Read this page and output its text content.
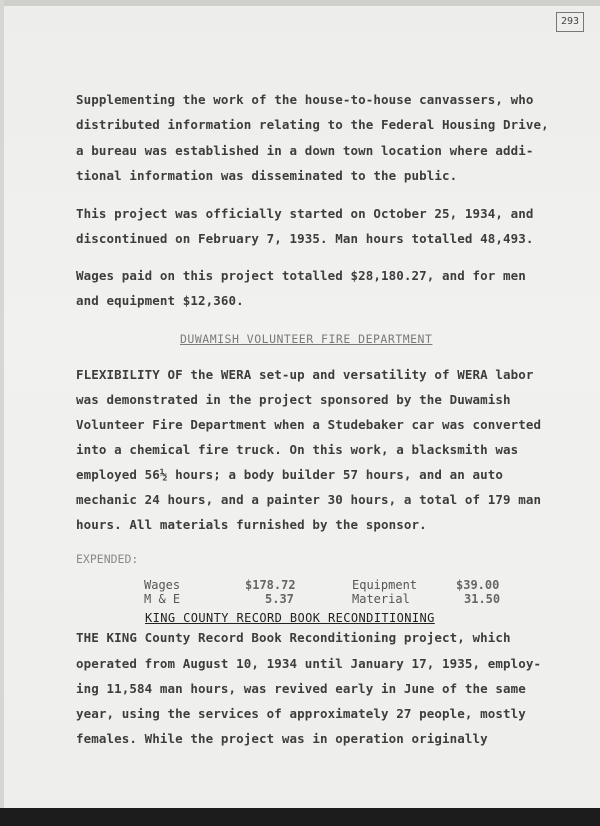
293
Supplementing the work of the house-to-house canvassers, who
distributed information relating to the Federal Housing Drive,
a bureau was established in a down town location where addi-
tional information was disseminated to the public.
This project was officially started on October 25, 1934, and
discontinued on February 7, 1935. Man hours totalled 48,493.
Wages paid on this project totalled $28,180.27, and for men
and equipment $12,360.
DUWAMISH VOLUNTEER FIRE DEPARTMENT
FLEXIBILITY OF the WERA set-up and versatility of WERA labor
was demonstrated in the project sponsored by the Duwamish
Volunteer Fire Department when a Studebaker car was converted
into a chemical fire truck. On this work, a blacksmith was
employed 56½ hours; a body builder 57 hours, and an auto
mechanic 24 hours, and a painter 30 hours, a total of 179 man
hours. All materials furnished by the sponsor.
EXPENDED:
Wages	$178.72	Equipment	$39.00
M & E	5.37	Material	31.50
KING COUNTY RECORD BOOK RECONDITIONING
THE KING County Record Book Reconditioning project, which
operated from August 10, 1934 until January 17, 1935, employ-
ing 11,584 man hours, was revived early in June of the same
year, using the services of approximately 27 people, mostly
females. While the project was in operation originally
